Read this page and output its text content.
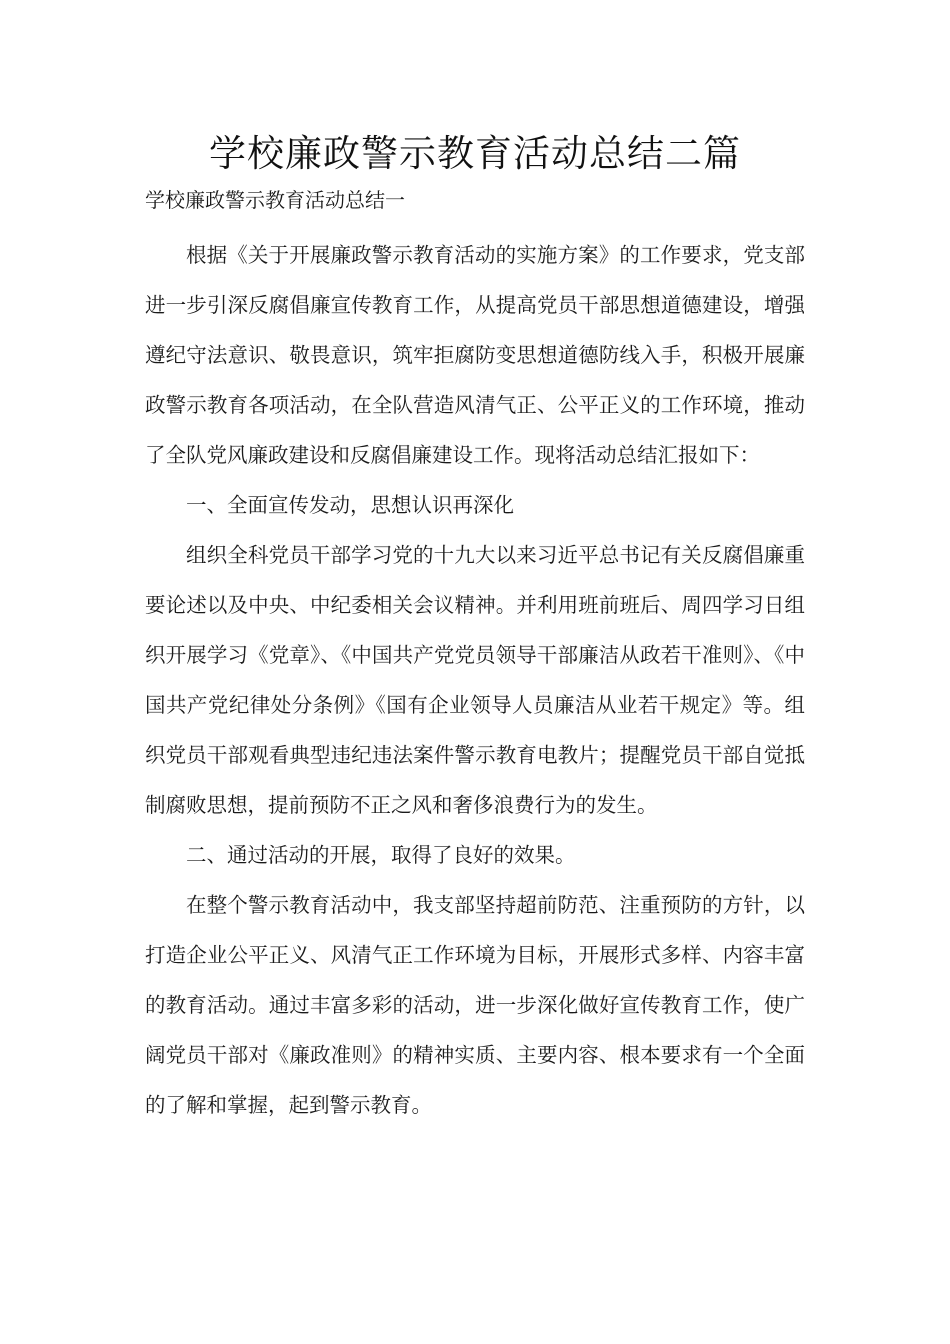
学校廉政警示教育活动总结二篇
学校廉政警示教育活动总结一

根据《关于开展廉政警示教育活动的实施方案》的工作要求，党支部进一步引深反腐倡廉宣传教育工作，从提高党员干部思想道德建设，增强遵纪守法意识、敬畏意识，筑牢拒腐防变思想道德防线入手，积极开展廉政警示教育各项活动，在全队营造风清气正、公平正义的工作环境，推动了全队党风廉政建设和反腐倡廉建设工作。现将活动总结汇报如下：

一、全面宣传发动，思想认识再深化

组织全科党员干部学习党的十九大以来习近平总书记有关反腐倡廉重要论述以及中央、中纪委相关会议精神。并利用班前班后、周四学习日组织开展学习《党章》、《中国共产党党员领导干部廉洁从政若干准则》、《中国共产党纪律处分条例》《国有企业领导人员廉洁从业若干规定》等。组织党员干部观看典型违纪违法案件警示教育电教片；提醒党员干部自觉抵制腐败思想，提前预防不正之风和奢侈浪费行为的发生。

二、通过活动的开展，取得了良好的效果。

在整个警示教育活动中，我支部坚持超前防范、注重预防的方针，以打造企业公平正义、风清气正工作环境为目标，开展形式多样、内容丰富的教育活动。通过丰富多彩的活动，进一步深化做好宣传教育工作，使广阔党员干部对《廉政准则》的精神实质、主要内容、根本要求有一个全面的了解和掌握，起到警示教育。
